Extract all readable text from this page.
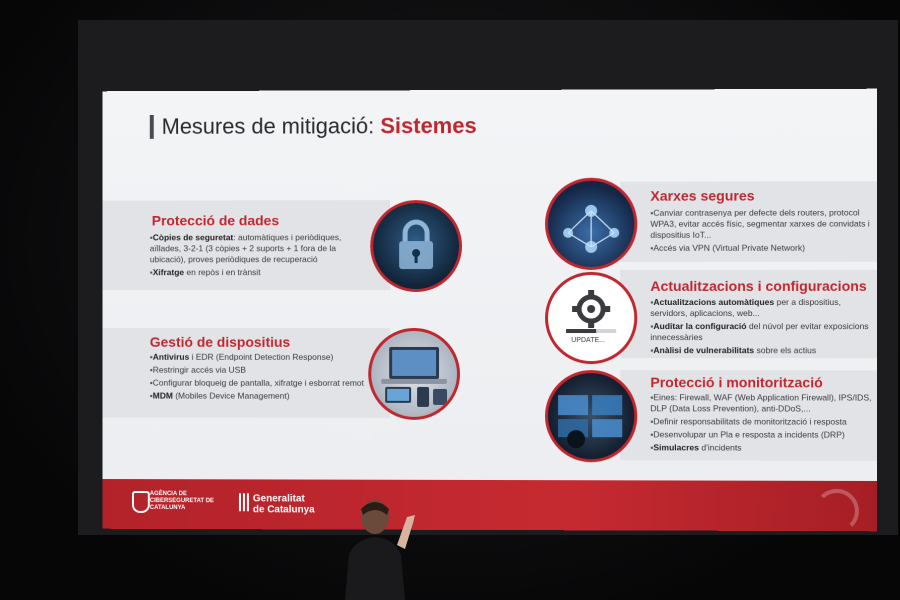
Mesures de mitigació: Sistemes
Protecció de dades
▪ Còpies de seguretat: automàtiques i periòdiques, aïllades, 3-2-1 (3 còpies + 2 suports + 1 fora de la ubicació), proves periòdiques de recuperació
▪ Xifratge en repòs i en trànsit
Gestió de dispositius
▪ Antivirus i EDR (Endpoint Detection Response)
▪ Restringir accés via USB
▪ Configurar bloqueig de pantalla, xifratge i esborrat remot
▪ MDM (Mobiles Device Management)
Xarxes segures
▪ Canviar contrasenya per defecte dels routers, protocol WPA3, evitar accés físic, segmentar xarxes de convidats i dispositius IoT...
▪ Accés via VPN (Virtual Private Network)
Actualitzacions i configuracions
▪ Actualitzacions automàtiques per a dispositius, servidors, aplicacions, web...
▪ Auditar la configuració del núvol per evitar exposicions innecessàries
▪ Anàlisi de vulnerabilitats sobre els actius
Protecció i monitorització
▪ Eines: Firewall, WAF (Web Application Firewall), IPS/IDS, DLP (Data Loss Prevention), anti-DDoS,...
▪ Definir responsabilitats de monitorització i resposta
▪ Desenvolupar un Pla e resposta a incidents (DRP)
▪ Simulacres d'incidents
UPDATE...
AGÈNCIA DE CIBERSEGURETAT DE CATALUNYA
Generalitat
de Catalunya
